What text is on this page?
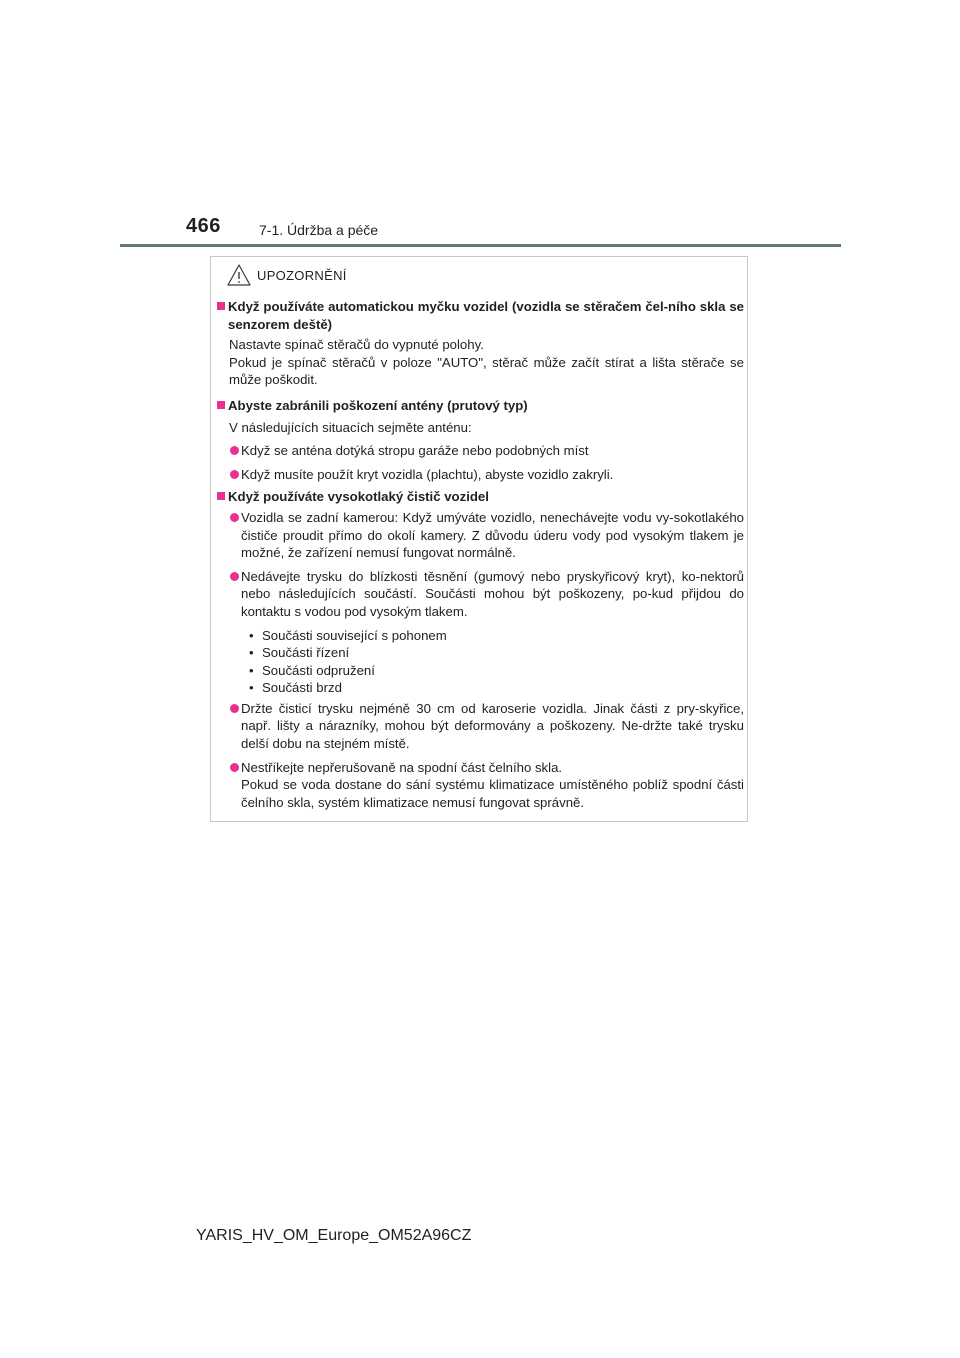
466	7-1. Údržba a péče
UPOZORNĚNÍ

Když používáte automatickou myčku vozidel (vozidla se stěračem čel-ního skla se senzorem deště)

Nastavte spínač stěračů do vypnuté polohy.

Pokud je spínač stěračů v poloze "AUTO", stěrač může začít stírat a lišta stěrače se může poškodit.

Abyste zabránili poškození antény (prutový typ)

V následujících situacích sejměte anténu:

Když se anténa dotýká stropu garáže nebo podobných míst
Když musíte použít kryt vozidla (plachtu), abyste vozidlo zakryli.

Když používáte vysokotlaký čistič vozidel

Vozidla se zadní kamerou: Když umýváte vozidlo, nenechávejte vodu vy-sokotlakého čističe proudit přímo do okolí kamery. Z důvodu úderu vody pod vysokým tlakem je možné, že zařízení nemusí fungovat normálně.
Nedávejte trysku do blízkosti těsnění (gumový nebo pryskyřicový kryt), ko-nektorů nebo následujících součástí. Součásti mohou být poškozeny, po-kud přijdou do kontaktu s vodou pod vysokým tlakem.
• Součásti související s pohonem
• Součásti řízení
• Součásti odpružení
• Součásti brzd
Držte čisticí trysku nejméně 30 cm od karoserie vozidla. Jinak části z pry-skyřice, např. lišty a nárazníky, mohou být deformovány a poškozeny. Ne-držte také trysku delší dobu na stejném místě.
Nestříkejte nepřerušovaně na spodní část čelního skla.
Pokud se voda dostane do sání systému klimatizace umístěného poblíž spodní části čelního skla, systém klimatizace nemusí fungovat správně.
YARIS_HV_OM_Europe_OM52A96CZ
